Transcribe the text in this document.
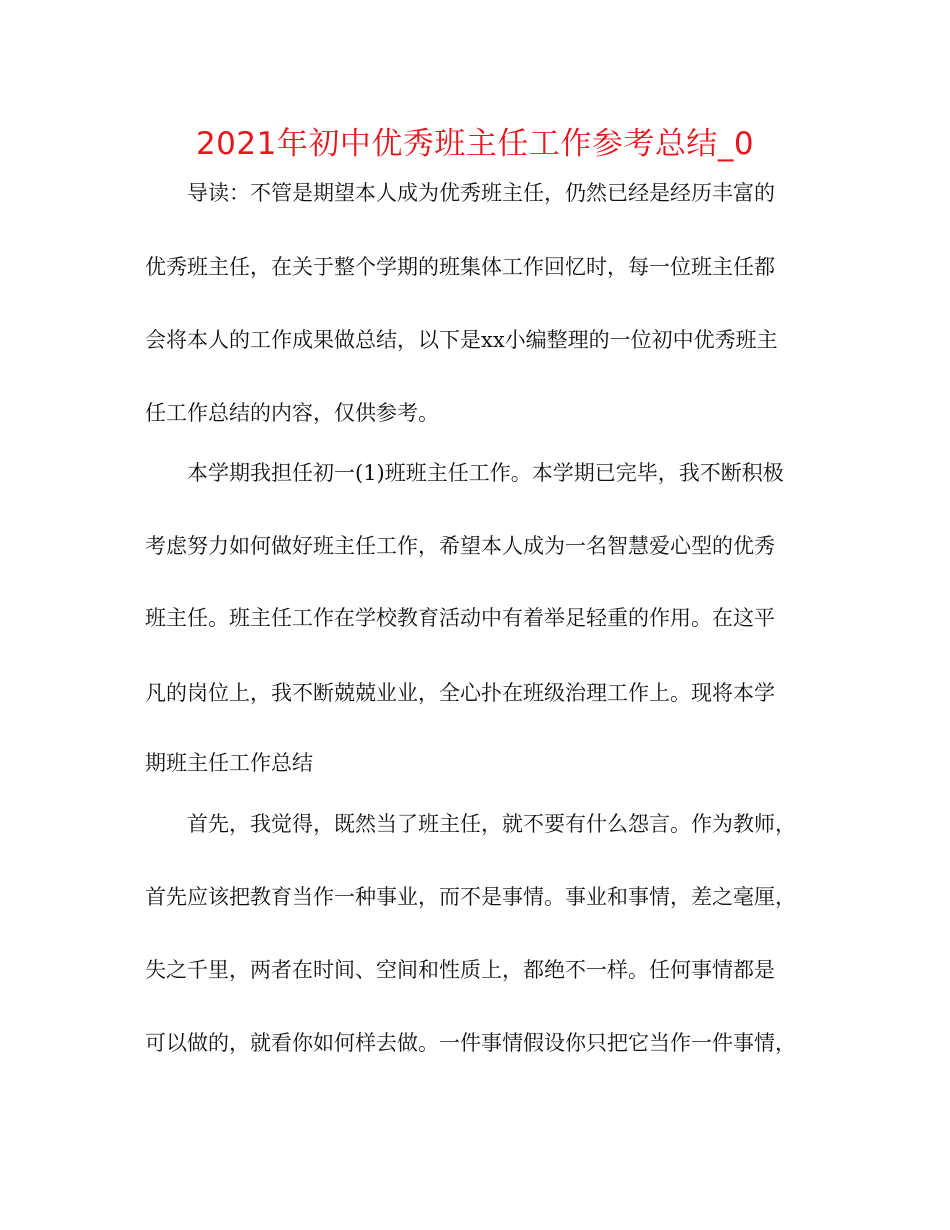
2021年初中优秀班主任工作参考总结_0
导读：不管是期望本人成为优秀班主任，仍然已经是经历丰富的
优秀班主任，在关于整个学期的班集体工作回忆时，每一位班主任都
会将本人的工作成果做总结，以下是xx小编整理的一位初中优秀班主
任工作总结的内容，仅供参考。
本学期我担任初一(1)班班主任工作。本学期已完毕，我不断积极
考虑努力如何做好班主任工作，希望本人成为一名智慧爱心型的优秀
班主任。班主任工作在学校教育活动中有着举足轻重的作用。在这平
凡的岗位上，我不断兢兢业业，全心扑在班级治理工作上。现将本学
期班主任工作总结
首先，我觉得，既然当了班主任，就不要有什么怨言。作为教师，
首先应该把教育当作一种事业，而不是事情。事业和事情，差之毫厘，
失之千里，两者在时间、空间和性质上，都绝不一样。任何事情都是
可以做的，就看你如何样去做。一件事情假设你只把它当作一件事情，
